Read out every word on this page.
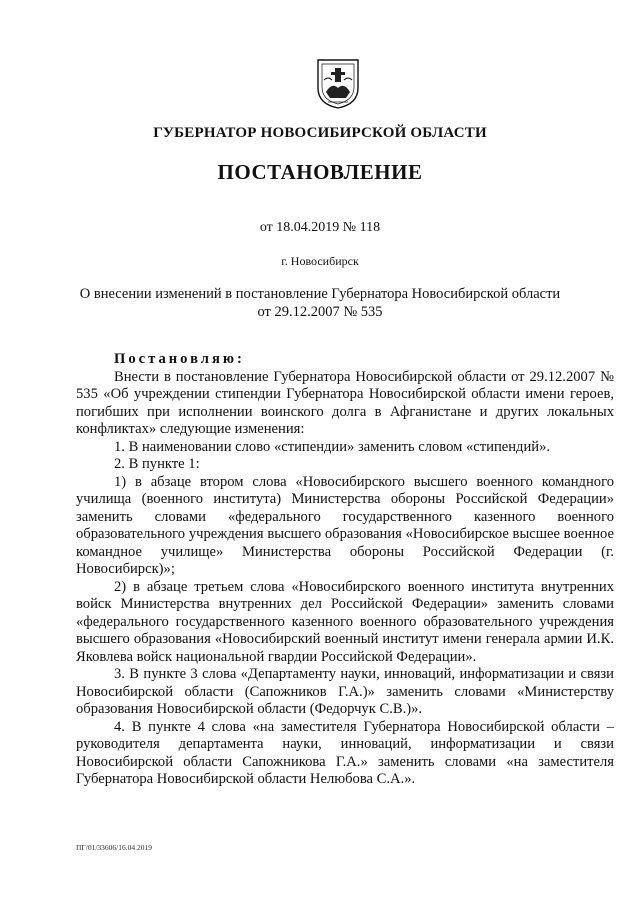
ГУБЕРНАТОР НОВОСИБИРСКОЙ ОБЛАСТИ
ПОСТАНОВЛЕНИЕ
от 18.04.2019 № 118
г. Новосибирск
О внесении изменений в постановление Губернатора Новосибирской области
от 29.12.2007 № 535

Постановляю:

Внести в постановление Губернатора Новосибирской области от 29.12.2007 № 535 «Об учреждении стипендии Губернатора Новосибирской области имени героев, погибших при исполнении воинского долга в Афганистане и других локальных конфликтах» следующие изменения:

1. В наименовании слово «стипендии» заменить словом «стипендий».

2. В пункте 1:

1) в абзаце втором слова «Новосибирского высшего военного командного училища (военного института) Министерства обороны Российской Федерации» заменить словами «федерального государственного казенного военного образовательного учреждения высшего образования «Новосибирское высшее военное командное училище» Министерства обороны Российской Федерации (г. Новосибирск)»;

2) в абзаце третьем слова «Новосибирского военного института внутренних войск Министерства внутренних дел Российской Федерации» заменить словами «федерального государственного казенного военного образовательного учреждения высшего образования «Новосибирский военный институт имени генерала армии И.К. Яковлева войск национальной гвардии Российской Федерации».

3. В пункте 3 слова «Департаменту науки, инноваций, информатизации и связи Новосибирской области (Сапожников Г.А.)» заменить словами «Министерству образования Новосибирской области (Федорчук С.В.)».

4. В пункте 4 слова «на заместителя Губернатора Новосибирской области – руководителя департамента науки, инноваций, информатизации и связи Новосибирской области Сапожникова Г.А.» заменить словами «на заместителя Губернатора Новосибирской области Нелюбова С.А.».

ПГ/01/33606/16.04.2019
